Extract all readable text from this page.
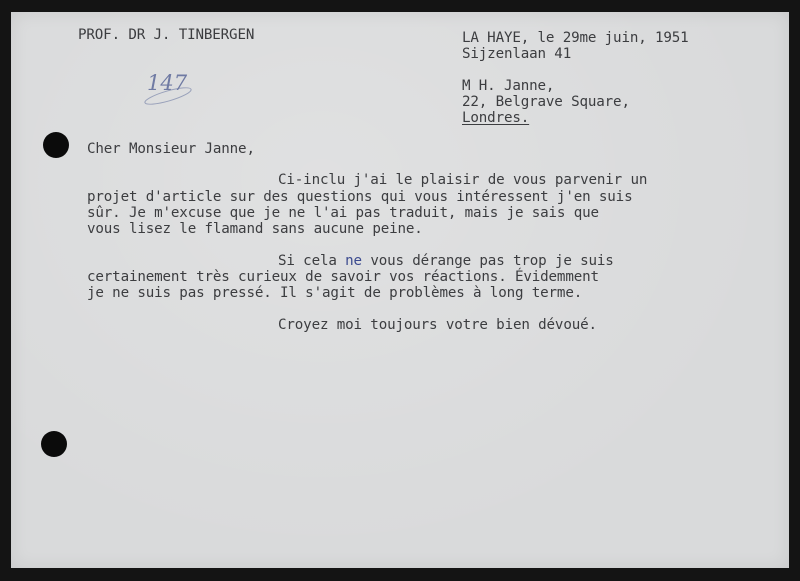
PROF. DR J. TINBERGEN	LA HAYE, le 29me juin, 1951
Sijzenlaan 41
M H. Janne,
22, Belgrave Square,
Londres.
147
Cher Monsieur Janne,
Ci-inclu j'ai le plaisir de vous parvenir un
projet d'article sur des questions qui vous intéressent j'en suis
sûr. Je m'excuse que je ne l'ai pas traduit, mais je sais que
vous lisez le flamand sans aucune peine.
Si cela ne vous dérange pas trop je suis
certainement très curieux de savoir vos réactions. Évidemment
je ne suis pas pressé. Il s'agit de problèmes à long terme.
Croyez moi toujours votre bien dévoué.
